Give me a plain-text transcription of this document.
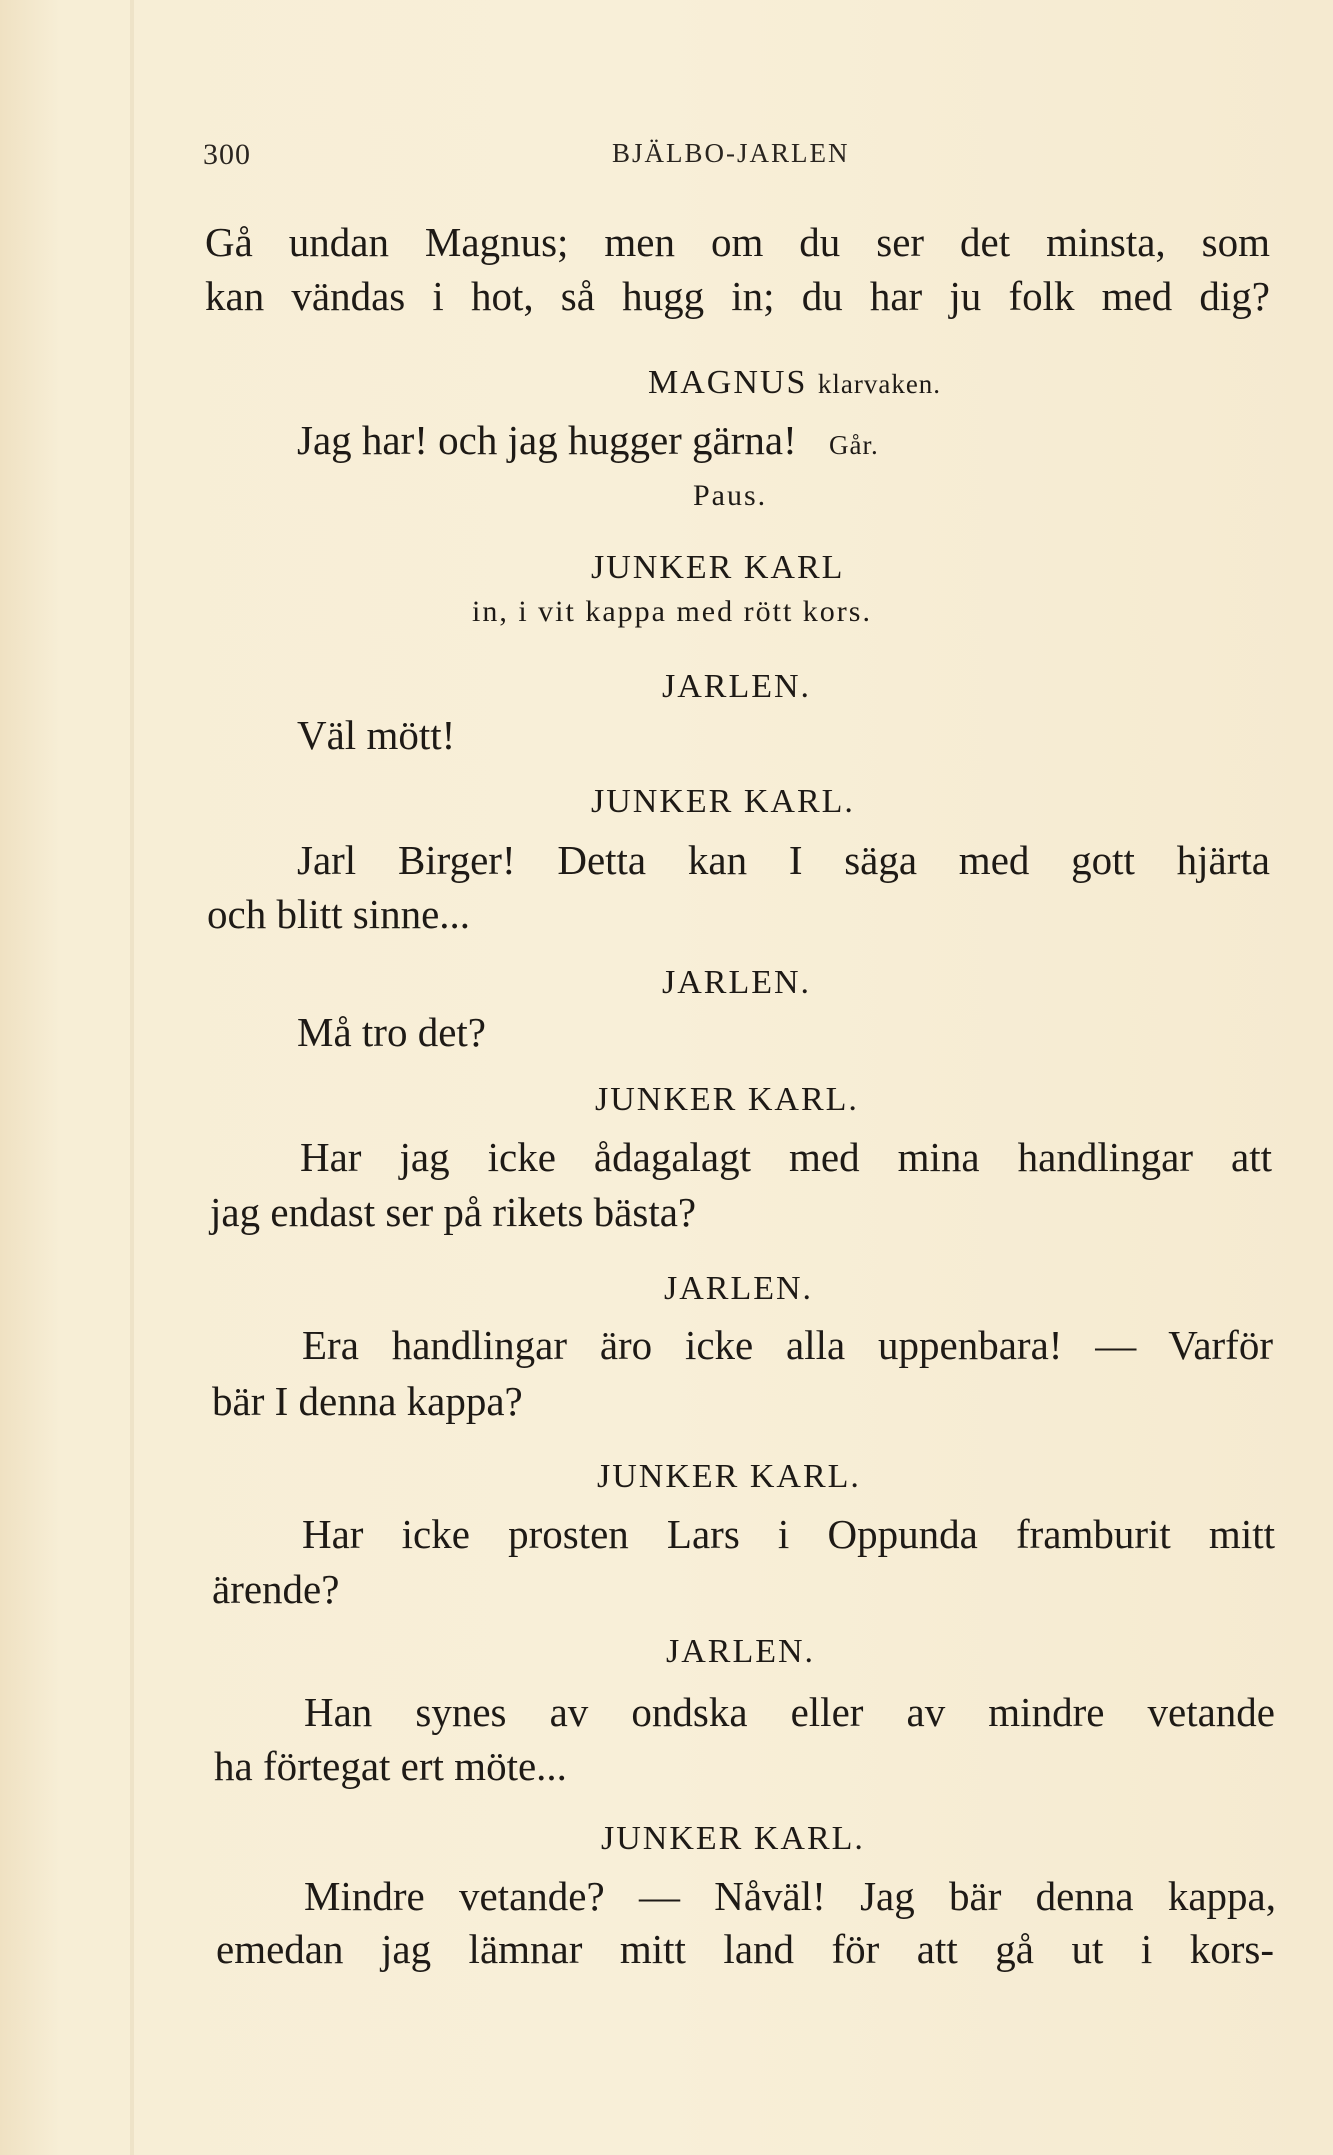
300	BJÄLBO-JARLEN
Gå undan Magnus; men om du ser det minsta, som
kan vändas i hot, så hugg in; du har ju folk med dig?
MAGNUS klarvaken.
Jag har! och jag hugger gärna! Går.
Paus.
JUNKER KARL
in, i vit kappa med rött kors.
JARLEN.
Väl mött!
JUNKER KARL.
Jarl Birger! Detta kan I säga med gott hjärta
och blitt sinne...
JARLEN.
Må tro det?
JUNKER KARL.
Har jag icke ådagalagt med mina handlingar att
jag endast ser på rikets bästa?
JARLEN.
Era handlingar äro icke alla uppenbara! — Varför
bär I denna kappa?
JUNKER KARL.
Har icke prosten Lars i Oppunda framburit mitt
ärende?
JARLEN.
Han synes av ondska eller av mindre vetande
ha förtegat ert möte...
JUNKER KARL.
Mindre vetande? — Nåväl! Jag bär denna kappa,
emedan jag lämnar mitt land för att gå ut i kors-
